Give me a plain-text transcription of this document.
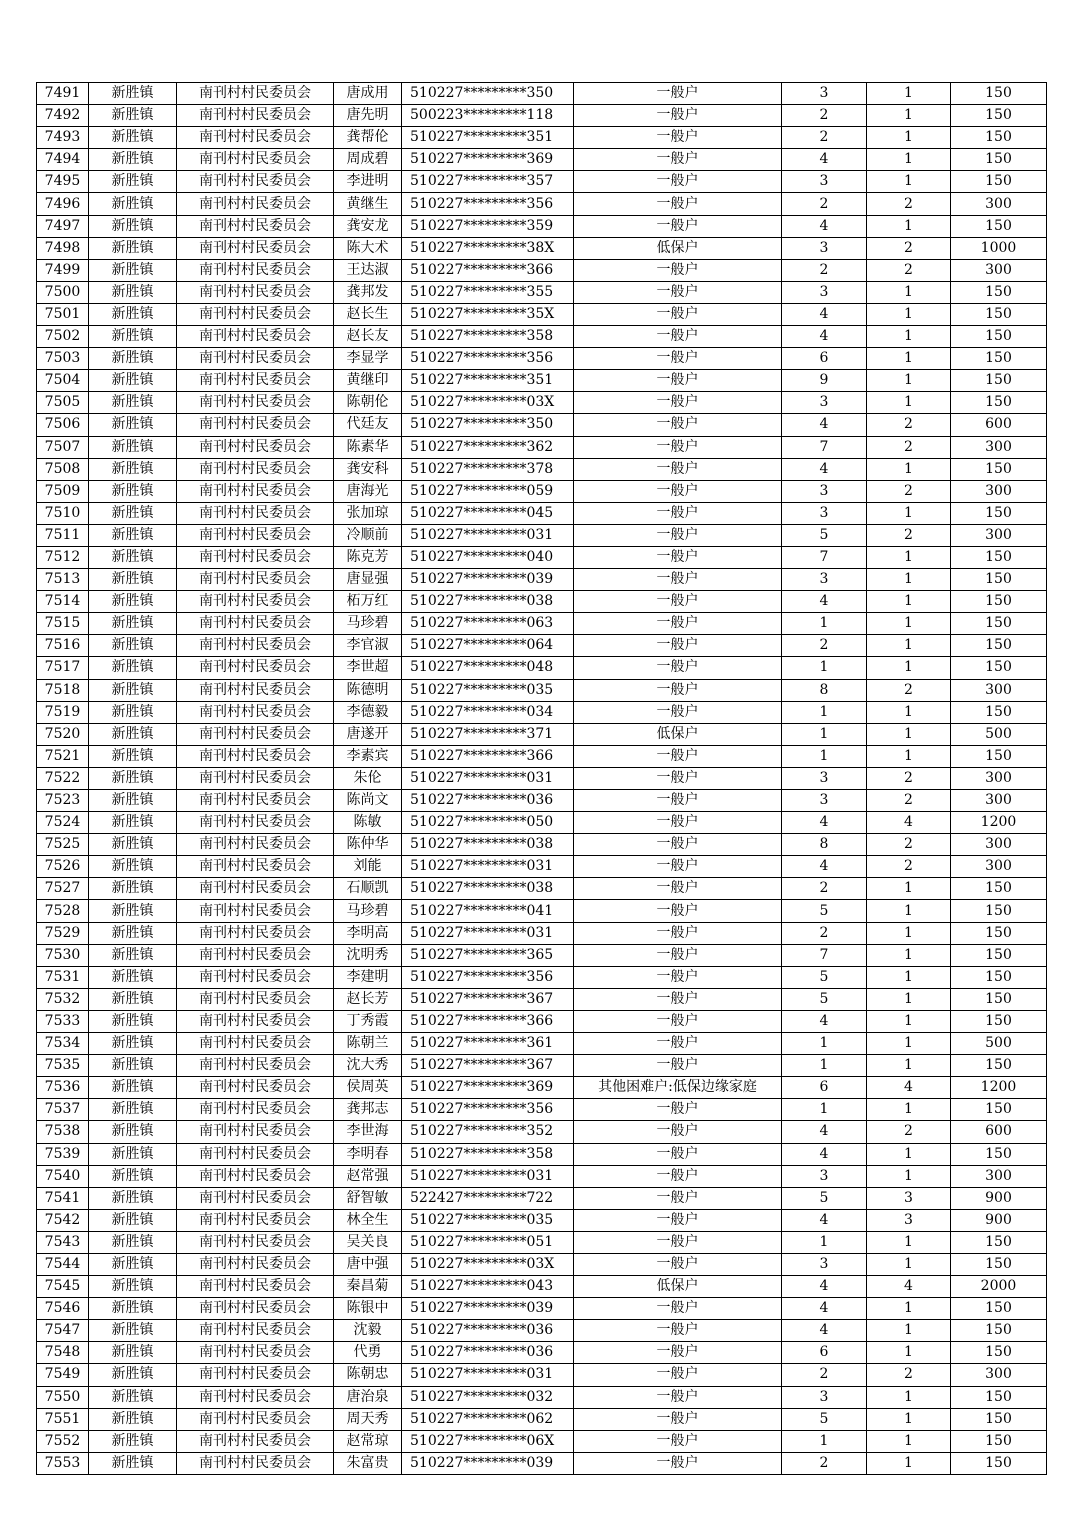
7491	新胜镇	南刊村村民委员会	唐成用	510227*********350	一般户	3	1	150
7492	新胜镇	南刊村村民委员会	唐先明	500223*********118	一般户	2	1	150
7493	新胜镇	南刊村村民委员会	龚帮伦	510227*********351	一般户	2	1	150
7494	新胜镇	南刊村村民委员会	周成碧	510227*********369	一般户	4	1	150
7495	新胜镇	南刊村村民委员会	李进明	510227*********357	一般户	3	1	150
7496	新胜镇	南刊村村民委员会	黄继生	510227*********356	一般户	2	2	300
7497	新胜镇	南刊村村民委员会	龚安龙	510227*********359	一般户	4	1	150
7498	新胜镇	南刊村村民委员会	陈大术	510227*********38X	低保户	3	2	1000
7499	新胜镇	南刊村村民委员会	王达淑	510227*********366	一般户	2	2	300
7500	新胜镇	南刊村村民委员会	龚邦发	510227*********355	一般户	3	1	150
7501	新胜镇	南刊村村民委员会	赵长生	510227*********35X	一般户	4	1	150
7502	新胜镇	南刊村村民委员会	赵长友	510227*********358	一般户	4	1	150
7503	新胜镇	南刊村村民委员会	李显学	510227*********356	一般户	6	1	150
7504	新胜镇	南刊村村民委员会	黄继印	510227*********351	一般户	9	1	150
7505	新胜镇	南刊村村民委员会	陈朝伦	510227*********03X	一般户	3	1	150
7506	新胜镇	南刊村村民委员会	代廷友	510227*********350	一般户	4	2	600
7507	新胜镇	南刊村村民委员会	陈素华	510227*********362	一般户	7	2	300
7508	新胜镇	南刊村村民委员会	龚安科	510227*********378	一般户	4	1	150
7509	新胜镇	南刊村村民委员会	唐海光	510227*********059	一般户	3	2	300
7510	新胜镇	南刊村村民委员会	张加琼	510227*********045	一般户	3	1	150
7511	新胜镇	南刊村村民委员会	冷顺前	510227*********031	一般户	5	2	300
7512	新胜镇	南刊村村民委员会	陈克芳	510227*********040	一般户	7	1	150
7513	新胜镇	南刊村村民委员会	唐显强	510227*********039	一般户	3	1	150
7514	新胜镇	南刊村村民委员会	柘万红	510227*********038	一般户	4	1	150
7515	新胜镇	南刊村村民委员会	马珍碧	510227*********063	一般户	1	1	150
7516	新胜镇	南刊村村民委员会	李官淑	510227*********064	一般户	2	1	150
7517	新胜镇	南刊村村民委员会	李世超	510227*********048	一般户	1	1	150
7518	新胜镇	南刊村村民委员会	陈德明	510227*********035	一般户	8	2	300
7519	新胜镇	南刊村村民委员会	李德毅	510227*********034	一般户	1	1	150
7520	新胜镇	南刊村村民委员会	唐遂开	510227*********371	低保户	1	1	500
7521	新胜镇	南刊村村民委员会	李素宾	510227*********366	一般户	1	1	150
7522	新胜镇	南刊村村民委员会	朱伦	510227*********031	一般户	3	2	300
7523	新胜镇	南刊村村民委员会	陈尚文	510227*********036	一般户	3	2	300
7524	新胜镇	南刊村村民委员会	陈敏	510227*********050	一般户	4	4	1200
7525	新胜镇	南刊村村民委员会	陈仲华	510227*********038	一般户	8	2	300
7526	新胜镇	南刊村村民委员会	刘能	510227*********031	一般户	4	2	300
7527	新胜镇	南刊村村民委员会	石顺凯	510227*********038	一般户	2	1	150
7528	新胜镇	南刊村村民委员会	马珍碧	510227*********041	一般户	5	1	150
7529	新胜镇	南刊村村民委员会	李明高	510227*********031	一般户	2	1	150
7530	新胜镇	南刊村村民委员会	沈明秀	510227*********365	一般户	7	1	150
7531	新胜镇	南刊村村民委员会	李建明	510227*********356	一般户	5	1	150
7532	新胜镇	南刊村村民委员会	赵长芳	510227*********367	一般户	5	1	150
7533	新胜镇	南刊村村民委员会	丁秀霞	510227*********366	一般户	4	1	150
7534	新胜镇	南刊村村民委员会	陈朝兰	510227*********361	一般户	1	1	500
7535	新胜镇	南刊村村民委员会	沈大秀	510227*********367	一般户	1	1	150
7536	新胜镇	南刊村村民委员会	侯周英	510227*********369	其他困难户:低保边缘家庭	6	4	1200
7537	新胜镇	南刊村村民委员会	龚邦志	510227*********356	一般户	1	1	150
7538	新胜镇	南刊村村民委员会	李世海	510227*********352	一般户	4	2	600
7539	新胜镇	南刊村村民委员会	李明春	510227*********358	一般户	4	1	150
7540	新胜镇	南刊村村民委员会	赵常强	510227*********031	一般户	3	1	300
7541	新胜镇	南刊村村民委员会	舒智敏	522427*********722	一般户	5	3	900
7542	新胜镇	南刊村村民委员会	林全生	510227*********035	一般户	4	3	900
7543	新胜镇	南刊村村民委员会	吴关良	510227*********051	一般户	1	1	150
7544	新胜镇	南刊村村民委员会	唐中强	510227*********03X	一般户	3	1	150
7545	新胜镇	南刊村村民委员会	秦昌菊	510227*********043	低保户	4	4	2000
7546	新胜镇	南刊村村民委员会	陈银中	510227*********039	一般户	4	1	150
7547	新胜镇	南刊村村民委员会	沈毅	510227*********036	一般户	4	1	150
7548	新胜镇	南刊村村民委员会	代勇	510227*********036	一般户	6	1	150
7549	新胜镇	南刊村村民委员会	陈朝忠	510227*********031	一般户	2	2	300
7550	新胜镇	南刊村村民委员会	唐治泉	510227*********032	一般户	3	1	150
7551	新胜镇	南刊村村民委员会	周天秀	510227*********062	一般户	5	1	150
7552	新胜镇	南刊村村民委员会	赵常琼	510227*********06X	一般户	1	1	150
7553	新胜镇	南刊村村民委员会	朱富贵	510227*********039	一般户	2	1	150
